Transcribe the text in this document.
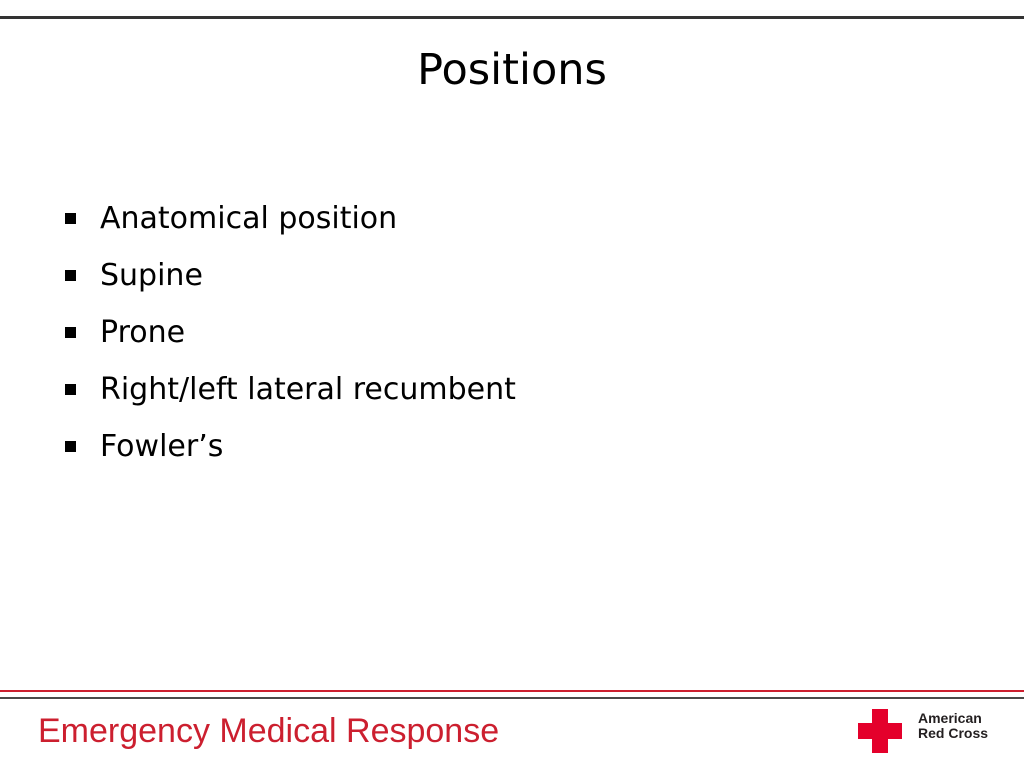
Positions
Anatomical position
Supine
Prone
Right/left lateral recumbent
Fowler’s
Emergency Medical Response	American
Red Cross
